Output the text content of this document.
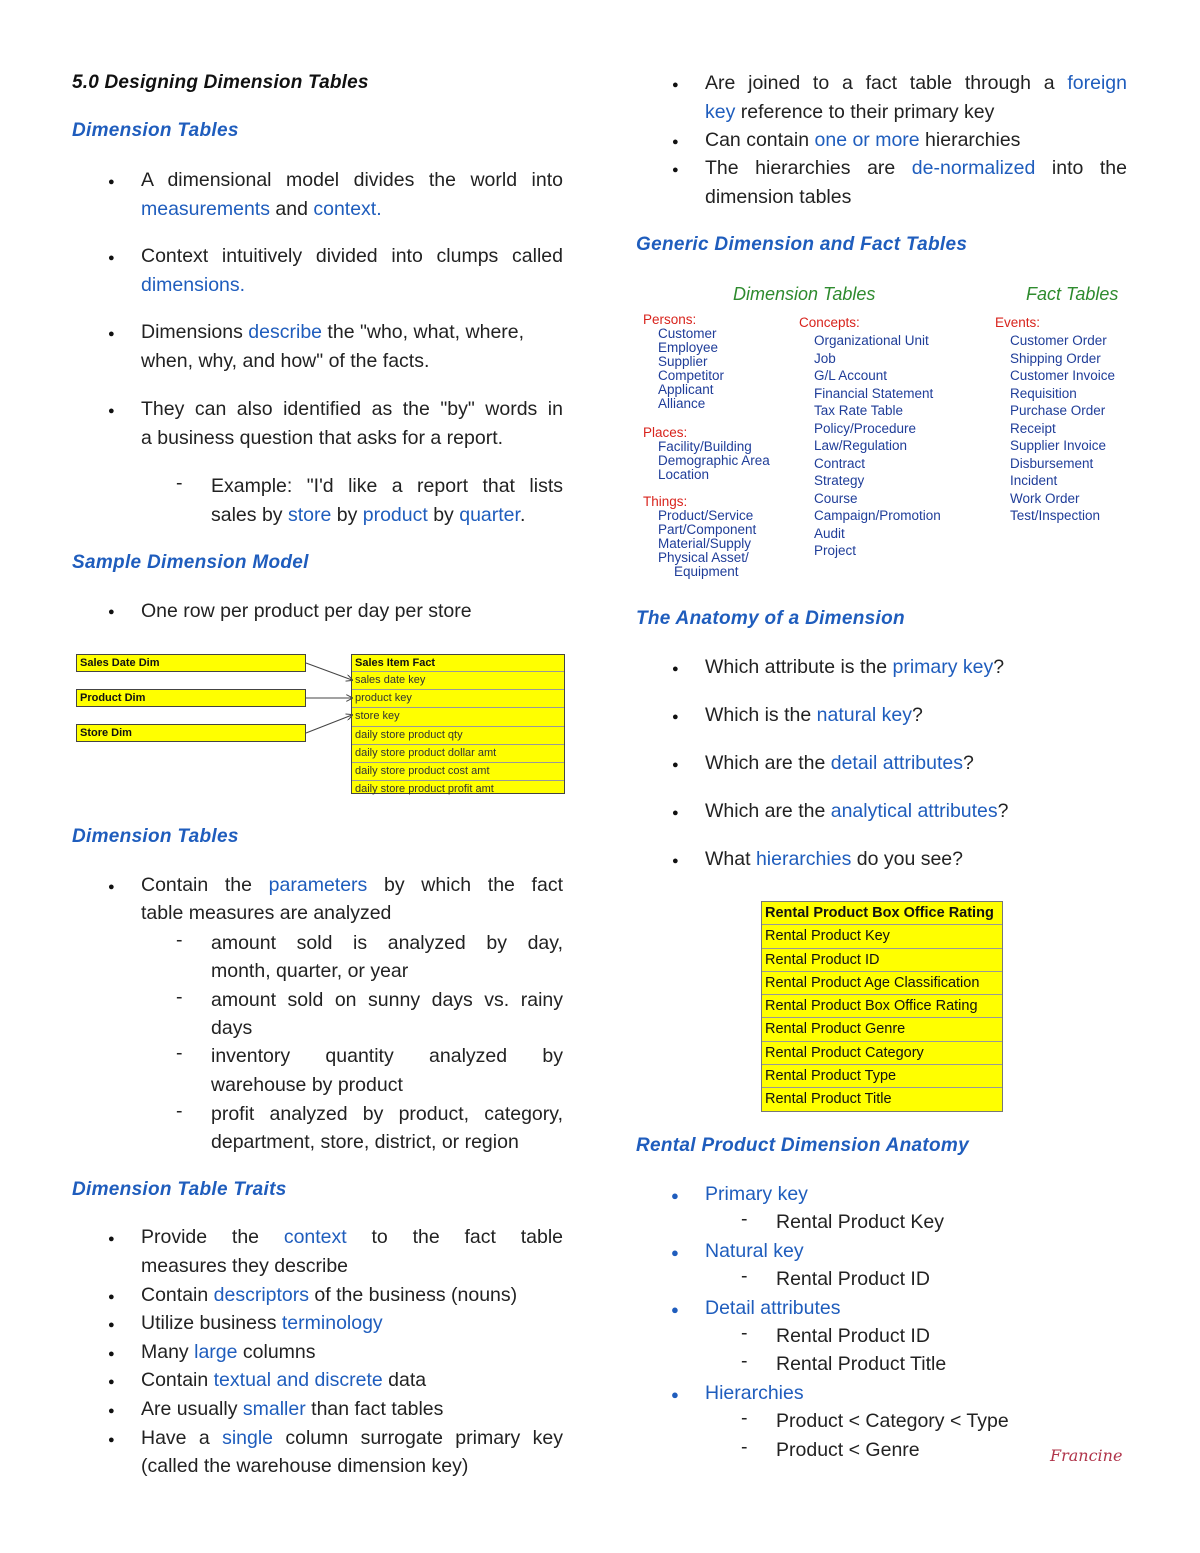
5.0 Designing Dimension Tables
Dimension Tables
● A dimensional model divides the world into
measurements and context.
● Context intuitively divided into clumps called
dimensions.
● Dimensions describe the "who, what, where,
when, why, and how" of the facts.
● They can also identified as the "by" words in
a business question that asks for a report.
- Example: "I'd like a report that lists
sales by store by product by quarter.
Sample Dimension Model
● One row per product per day per store
Sales Date Dim
Product Dim
Store Dim
Sales Item Fact
sales date key
product key
store key
daily store product qty
daily store product dollar amt
daily store product cost amt
daily store product profit amt
Dimension Tables
● Contain the parameters by which the fact
table measures are analyzed
- amount sold is analyzed by day,
month, quarter, or year
- amount sold on sunny days vs. rainy
days
- inventory quantity analyzed by
warehouse by product
- profit analyzed by product, category,
department, store, district, or region
Dimension Table Traits
● Provide the context to the fact table
measures they describe
● Contain descriptors of the business (nouns)
● Utilize business terminology
● Many large columns
● Contain textual and discrete data
● Are usually smaller than fact tables
● Have a single column surrogate primary key
(called the warehouse dimension key)
● Are joined to a fact table through a foreign
key reference to their primary key
● Can contain one or more hierarchies
● The hierarchies are de-normalized into the
dimension tables
Generic Dimension and Fact Tables
Dimension Tables	Fact Tables
Persons:
Customer
Employee
Supplier
Competitor
Applicant
Alliance
Places:
Facility/Building
Demographic Area
Location
Things:
Product/Service
Part/Component
Material/Supply
Physical Asset/
Equipment
Concepts:
Organizational Unit
Job
G/L Account
Financial Statement
Tax Rate Table
Policy/Procedure
Law/Regulation
Contract
Strategy
Course
Campaign/Promotion
Audit
Project
Events:
Customer Order
Shipping Order
Customer Invoice
Requisition
Purchase Order
Receipt
Supplier Invoice
Disbursement
Incident
Work Order
Test/Inspection
The Anatomy of a Dimension
● Which attribute is the primary key?
● Which is the natural key?
● Which are the detail attributes?
● Which are the analytical attributes?
● What hierarchies do you see?
Rental Product Box Office Rating
Rental Product Key
Rental Product ID
Rental Product Age Classification
Rental Product Box Office Rating
Rental Product Genre
Rental Product Category
Rental Product Type
Rental Product Title
Rental Product Dimension Anatomy
● Primary key
- Rental Product Key
● Natural key
- Rental Product ID
● Detail attributes
- Rental Product ID
- Rental Product Title
● Hierarchies
- Product < Category < Type
- Product < Genre	Francine
